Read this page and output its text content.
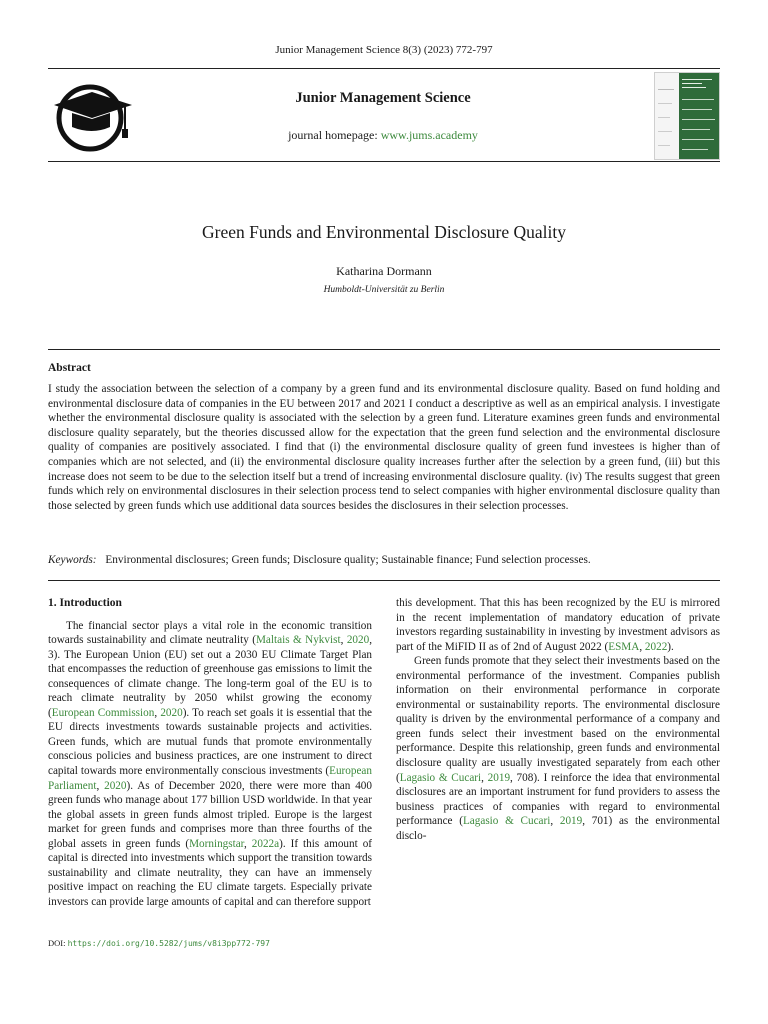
Junior Management Science 8(3) (2023) 772-797
Junior Management Science
journal homepage: www.jums.academy
Green Funds and Environmental Disclosure Quality
Katharina Dormann
Humboldt-Universität zu Berlin
Abstract

I study the association between the selection of a company by a green fund and its environmental disclosure quality. Based on fund holding and environmental disclosure data of companies in the EU between 2017 and 2021 I conduct a descriptive as well as an empirical analysis. I investigate whether the environmental disclosure quality is associated with the selection by a green fund. Literature examines green funds and environmental disclosure quality separately, but the theories discussed allow for the expectation that the green fund selection and the environmental disclosure quality of companies are positively associated. I find that (i) the environmental disclosure quality of green fund investees is higher than of companies which are not selected, and (ii) the environmental disclosure quality increases further after the selection by a green fund, (iii) but this increase does not seem to be due to the selection itself but a trend of increasing environmental disclosure quality. (iv) The results suggest that green funds which rely on environmental disclosures in their selection process tend to select companies with higher environmental disclosure quality than those selected by green funds which use additional data sources besides the disclosures in their selection processes.

Keywords: Environmental disclosures; Green funds; Disclosure quality; Sustainable finance; Fund selection processes.
1. Introduction

The financial sector plays a vital role in the economic transition towards sustainability and climate neutrality (Maltais & Nykvist, 2020, 3). The European Union (EU) set out a 2030 EU Climate Target Plan that encompasses the reduction of greenhouse gas emissions to limit the consequences of climate change. The long-term goal of the EU is to reach climate neutrality by 2050 whilst growing the economy (European Commission, 2020). To reach set goals it is essential that the EU directs investments towards sustainable projects and activities. Green funds, which are mutual funds that promote environmentally conscious policies and business practices, are one instrument to direct capital towards more environmentally conscious investments (European Parliament, 2020). As of December 2020, there were more than 400 green funds who manage about 177 billion USD worldwide. In that year the global assets in green funds almost tripled. Europe is the largest market for green funds and comprises more than three fourths of the global assets in green funds (Morningstar, 2022a). If this amount of capital is directed into investments which support the transition towards sustainability and climate neutrality, they can have an immensely positive impact on reaching the EU climate targets. Especially private investors can provide large amounts of capital and can therefore support

this development. That this has been recognized by the EU is mirrored in the recent implementation of mandatory education of private investors regarding sustainability in investing by investment advisors as part of the MiFID II as of 2nd of August 2022 (ESMA, 2022).

Green funds promote that they select their investments based on the environmental performance of the investment. Companies publish information on their environmental performance in corporate environmental or sustainability reports. The environmental disclosure quality is driven by the environmental performance of a company and green funds select their investment based on the environmental performance. Despite this relationship, green funds and environmental disclosure quality are usually investigated separately from each other (Lagasio & Cucari, 2019, 708). I reinforce the idea that environmental disclosures are an important instrument for fund providers to assess the business practices of companies with regard to environmental performance (Lagasio & Cucari, 2019, 701) as the environmental disclo-

DOI: https://doi.org/10.5282/jums/v8i3pp772-797
